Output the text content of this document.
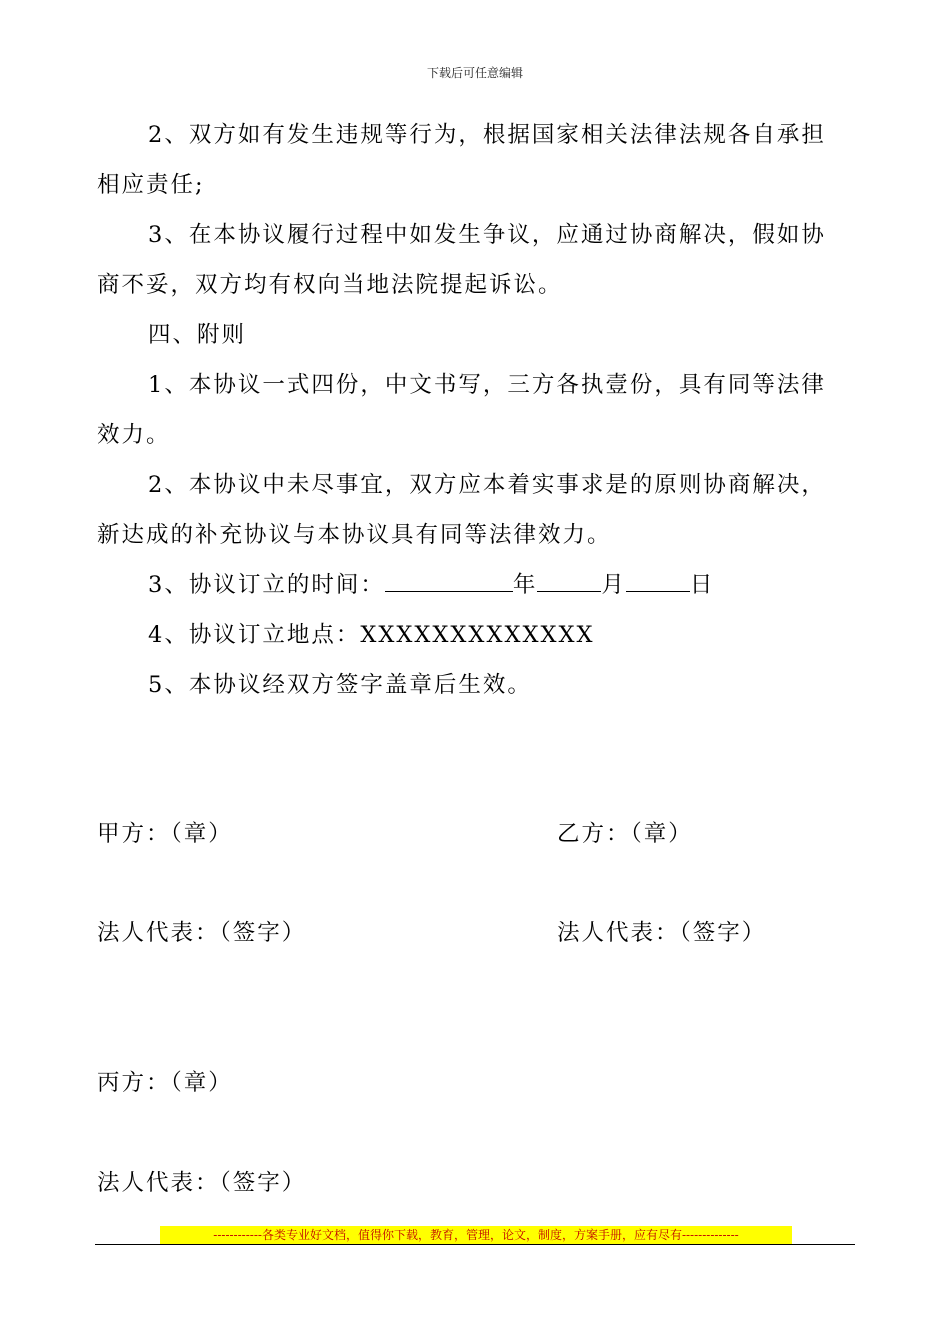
下载后可任意编辑
2、双方如有发生违规等行为，根据国家相关法律法规各自承担
相应责任;
3、在本协议履行过程中如发生争议，应通过协商解决，假如协
商不妥，双方均有权向当地法院提起诉讼。
四、附则
1、本协议一式四份，中文书写，三方各执壹份，具有同等法律
效力。
2、本协议中未尽事宜，双方应本着实事求是的原则协商解决，
新达成的补充协议与本协议具有同等法律效力。
3、协议订立的时间：	年	月	日
4、协议订立地点：XXXXXXXXXXXXX
5、本协议经双方签字盖章后生效。
甲方：（章）	乙方：（章）
法人代表：（签字）	法人代表：（签字）
丙方：（章）
法人代表：（签字）
------------各类专业好文档，值得你下载，教育，管理，论文，制度，方案手册，应有尽有--------------
